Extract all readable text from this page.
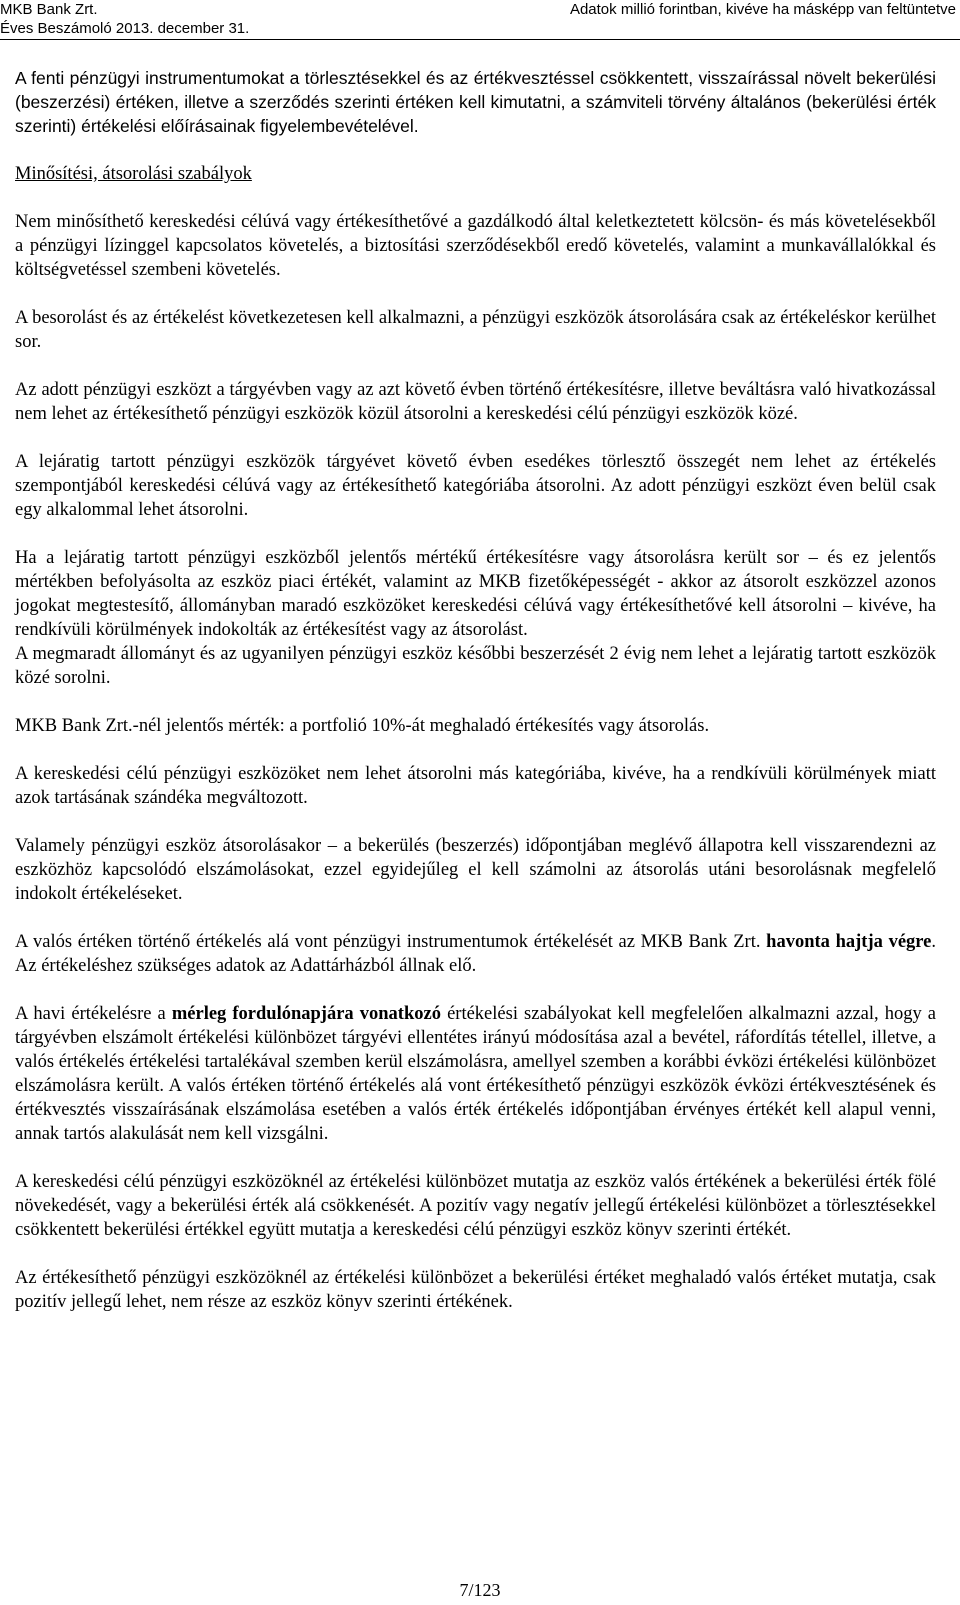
MKB Bank Zrt.
Éves Beszámoló 2013. december 31.
Adatok millió forintban, kivéve ha másképp van feltüntetve

A fenti pénzügyi instrumentumokat a törlesztésekkel és az értékvesztéssel csökkentett, visszaírással növelt bekerülési (beszerzési) értéken, illetve a szerződés szerinti értéken kell kimutatni, a számviteli törvény általános (bekerülési érték szerinti) értékelési előírásainak figyelembevételével.

Minősítési, átsorolási szabályok

Nem minősíthető kereskedési célúvá vagy értékesíthetővé a gazdálkodó által keletkeztetett kölcsön- és más követelésekből a pénzügyi lízinggel kapcsolatos követelés, a biztosítási szerződésekből eredő követelés, valamint a munkavállalókkal és költségvetéssel szembeni követelés.

A besorolást és az értékelést következetesen kell alkalmazni, a pénzügyi eszközök átsorolására csak az értékeléskor kerülhet sor.

Az adott pénzügyi eszközt a tárgyévben vagy az azt követő évben történő értékesítésre, illetve beváltásra való hivatkozással nem lehet az értékesíthető pénzügyi eszközök közül átsorolni a kereskedési célú pénzügyi eszközök közé.

A lejáratig tartott pénzügyi eszközök tárgyévet követő évben esedékes törlesztő összegét nem lehet az értékelés szempontjából kereskedési célúvá vagy az értékesíthető kategóriába átsorolni. Az adott pénzügyi eszközt éven belül csak egy alkalommal lehet átsorolni.

Ha a lejáratig tartott pénzügyi eszközből jelentős mértékű értékesítésre vagy átsorolásra került sor – és ez jelentős mértékben befolyásolta az eszköz piaci értékét, valamint az MKB fizetőképességét - akkor az átsorolt eszközzel azonos jogokat megtestesítő, állományban maradó eszközöket kereskedési célúvá vagy értékesíthetővé kell átsorolni – kivéve, ha rendkívüli körülmények indokolták az értékesítést vagy az átsorolást.

A megmaradt állományt és az ugyanilyen pénzügyi eszköz későbbi beszerzését 2 évig nem lehet a lejáratig tartott eszközök közé sorolni.

MKB Bank Zrt.-nél jelentős mérték: a portfolió 10%-át meghaladó értékesítés vagy átsorolás.

A kereskedési célú pénzügyi eszközöket nem lehet átsorolni más kategóriába, kivéve, ha a rendkívüli körülmények miatt azok tartásának szándéka megváltozott.

Valamely pénzügyi eszköz átsorolásakor – a bekerülés (beszerzés) időpontjában meglévő állapotra kell visszarendezni az eszközhöz kapcsolódó elszámolásokat, ezzel egyidejűleg el kell számolni az átsorolás utáni besorolásnak megfelelő indokolt értékeléseket.

A valós értéken történő értékelés alá vont pénzügyi instrumentumok értékelését az MKB Bank Zrt. havonta hajtja végre. Az értékeléshez szükséges adatok az Adattárházból állnak elő.

A havi értékelésre a mérleg fordulónapjára vonatkozó értékelési szabályokat kell megfelelően alkalmazni azzal, hogy a tárgyévben elszámolt értékelési különbözet tárgyévi ellentétes irányú módosítása azal a bevétel, ráfordítás tétellel, illetve, a valós értékelés értékelési tartalékával szemben kerül elszámolásra, amellyel szemben a korábbi évközi értékelési különbözet elszámolásra került. A valós értéken történő értékelés alá vont értékesíthető pénzügyi eszközök évközi értékvesztésének és értékvesztés visszaírásának elszámolása esetében a valós érték értékelés időpontjában érvényes értékét kell alapul venni, annak tartós alakulását nem kell vizsgálni.

A kereskedési célú pénzügyi eszközöknél az értékelési különbözet mutatja az eszköz valós értékének a bekerülési érték fölé növekedését, vagy a bekerülési érték alá csökkenését. A pozitív vagy negatív jellegű értékelési különbözet a törlesztésekkel csökkentett bekerülési értékkel együtt mutatja a kereskedési célú pénzügyi eszköz könyv szerinti értékét.

Az értékesíthető pénzügyi eszközöknél az értékelési különbözet a bekerülési értéket meghaladó valós értéket mutatja, csak pozitív jellegű lehet, nem része az eszköz könyv szerinti értékének.

7/123
